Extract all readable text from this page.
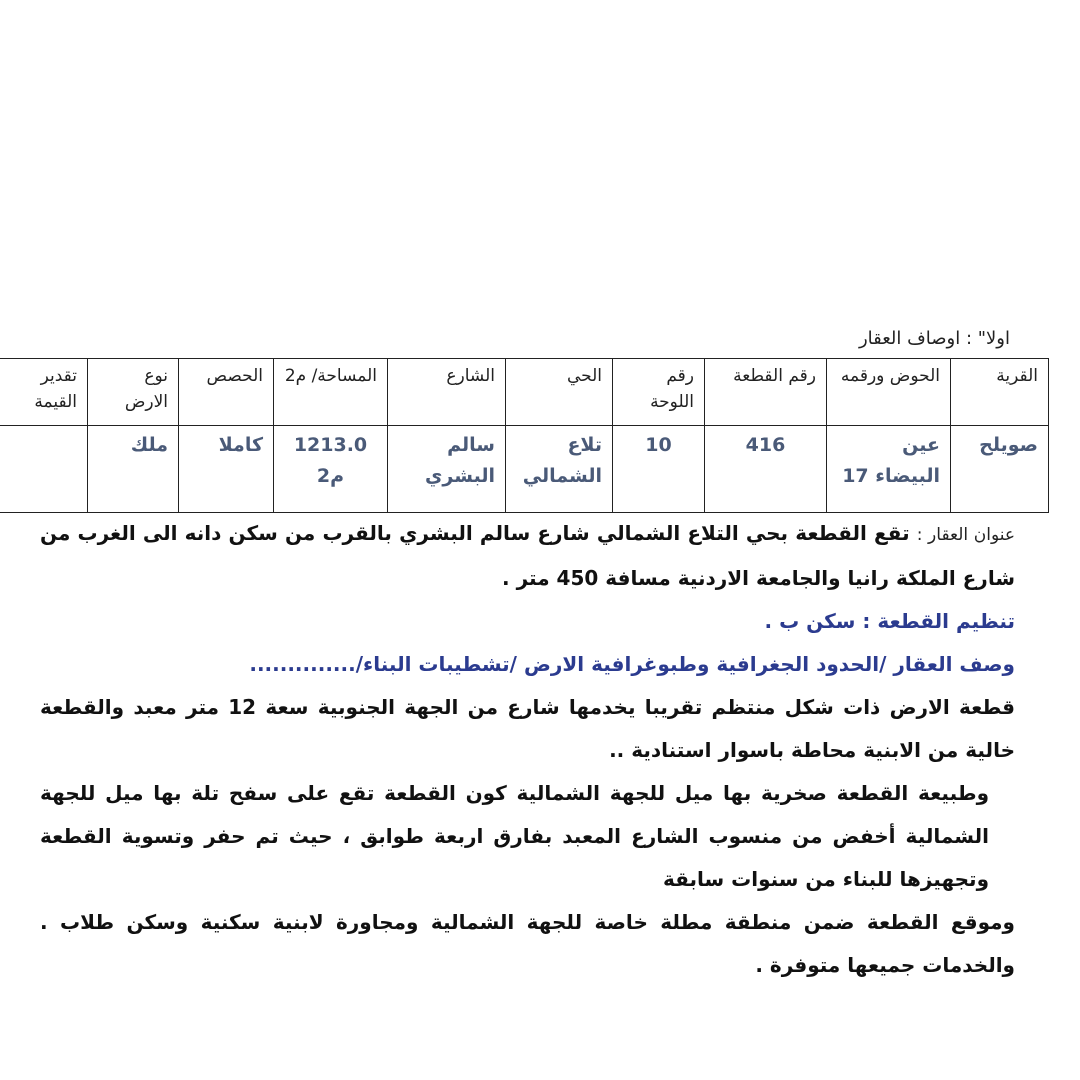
اولا" : اوصاف العقار
القرية	الحوض ورقمه	رقم القطعة	رقم اللوحة	الحي	الشارع	المساحة/ م2	الحصص	نوع الارض	تقدير القيمة
صويلح	عين البيضاء 17	416	10	تلاع الشمالي	سالم البشري	1213.0 م2	كاملا	ملك	

عنوان العقار : تقع القطعة بحي التلاع الشمالي شارع سالم البشري بالقرب من سكن دانه الى الغرب من شارع الملكة رانيا والجامعة الاردنية مسافة 450 متر .

تنظيم القطعة : سكن ب .

وصف العقار /الحدود الجغرافية وطبوغرافية الارض /تشطيبات البناء/..............

قطعة الارض ذات شكل منتظم تقريبا يخدمها شارع من الجهة الجنوبية سعة 12 متر معبد والقطعة خالية من الابنية محاطة باسوار استنادية ..

وطبيعة القطعة صخرية بها ميل للجهة الشمالية كون القطعة تقع على سفح تلة بها ميل للجهة الشمالية أخفض من منسوب الشارع المعبد بفارق اربعة طوابق ، حيث تم حفر وتسوية القطعة وتجهيزها للبناء من سنوات سابقة

وموقع القطعة ضمن منطقة مطلة خاصة للجهة الشمالية ومجاورة لابنية سكنية وسكن طلاب . والخدمات جميعها متوفرة .
